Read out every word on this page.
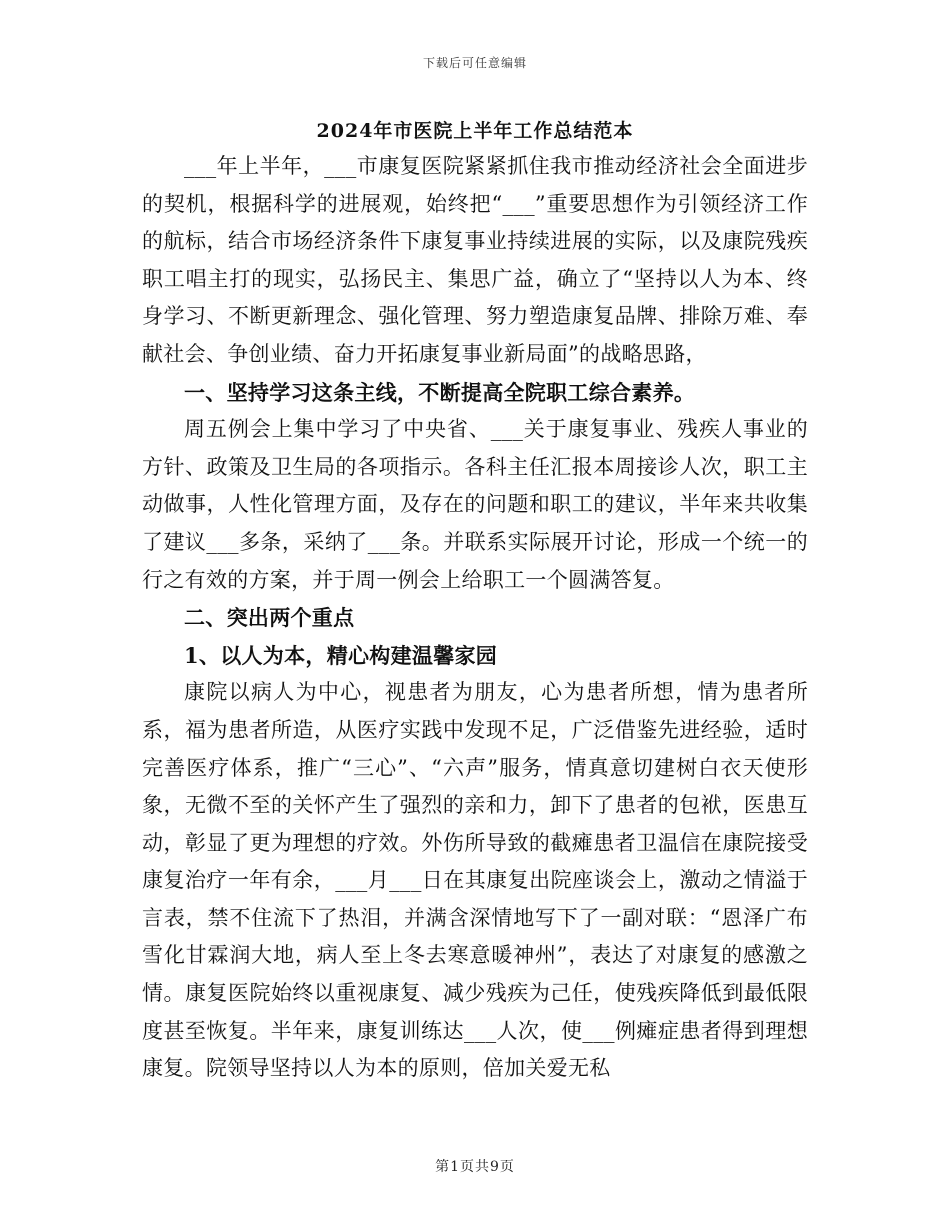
下载后可任意编辑
2024年市医院上半年工作总结范本

___年上半年，___市康复医院紧紧抓住我市推动经济社会全面进步的契机，根据科学的进展观，始终把“___”重要思想作为引领经济工作的航标，结合市场经济条件下康复事业持续进展的实际，以及康院残疾职工唱主打的现实，弘扬民主、集思广益，确立了“坚持以人为本、终身学习、不断更新理念、强化管理、努力塑造康复品牌、排除万难、奉献社会、争创业绩、奋力开拓康复事业新局面”的战略思路，

一、坚持学习这条主线，不断提高全院职工综合素养。

周五例会上集中学习了中央省、___关于康复事业、残疾人事业的方针、政策及卫生局的各项指示。各科主任汇报本周接诊人次，职工主动做事，人性化管理方面，及存在的问题和职工的建议，半年来共收集了建议___多条，采纳了___条。并联系实际展开讨论，形成一个统一的行之有效的方案，并于周一例会上给职工一个圆满答复。

二、突出两个重点

1、以人为本，精心构建温馨家园

康院以病人为中心，视患者为朋友，心为患者所想，情为患者所系，福为患者所造，从医疗实践中发现不足，广泛借鉴先进经验，适时完善医疗体系，推广“三心”、“六声”服务，情真意切建树白衣天使形象，无微不至的关怀产生了强烈的亲和力，卸下了患者的包袱，医患互动，彰显了更为理想的疗效。外伤所导致的截瘫患者卫温信在康院接受康复治疗一年有余，___月___日在其康复出院座谈会上，激动之情溢于言表，禁不住流下了热泪，并满含深情地写下了一副对联：“恩泽广布雪化甘霖润大地，病人至上冬去寒意暖神州”，表达了对康复的感激之情。康复医院始终以重视康复、减少残疾为己任，使残疾降低到最低限度甚至恢复。半年来，康复训练达___人次，使___例瘫症患者得到理想康复。院领导坚持以人为本的原则，倍加关爱无私

第1页共9页
